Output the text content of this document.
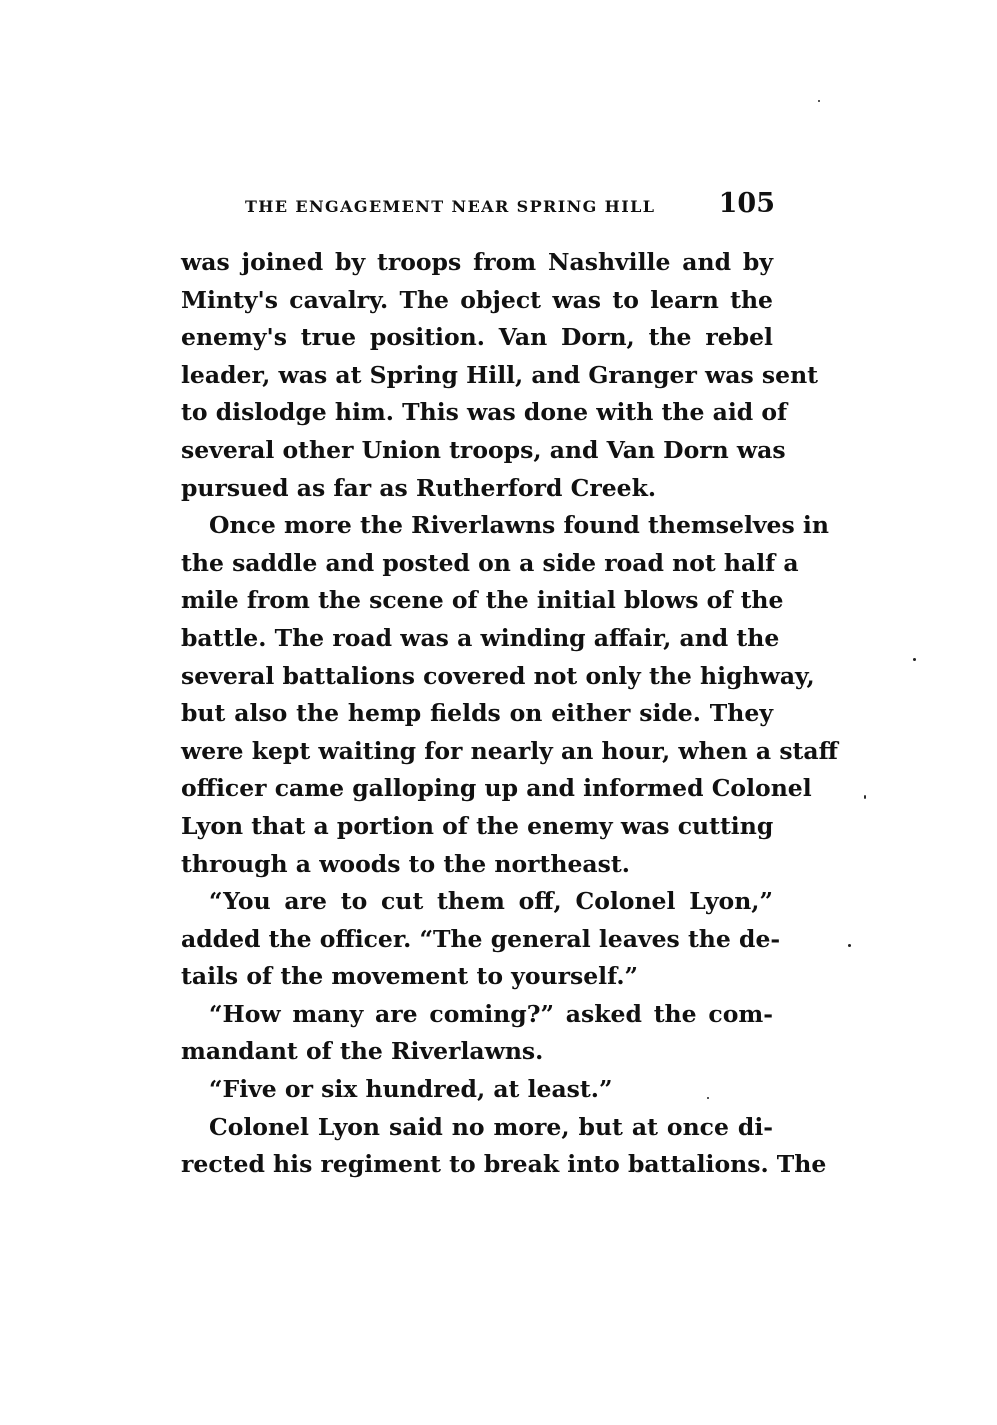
THE ENGAGEMENT NEAR SPRING HILL 105
was joined by troops from Nashville and by
Minty's cavalry. The object was to learn the
enemy's true position. Van Dorn, the rebel
leader, was at Spring Hill, and Granger was sent
to dislodge him. This was done with the aid of
several other Union troops, and Van Dorn was
pursued as far as Rutherford Creek.
Once more the Riverlawns found themselves in
the saddle and posted on a side road not half a
mile from the scene of the initial blows of the
battle. The road was a winding affair, and the
several battalions covered not only the highway,
but also the hemp fields on either side. They
were kept waiting for nearly an hour, when a staff
officer came galloping up and informed Colonel
Lyon that a portion of the enemy was cutting
through a woods to the northeast.
“You are to cut them off, Colonel Lyon,”
added the officer. “The general leaves the de-
tails of the movement to yourself.”
“How many are coming?” asked the com-
mandant of the Riverlawns.
“Five or six hundred, at least.”
Colonel Lyon said no more, but at once di-
rected his regiment to break into battalions. The
